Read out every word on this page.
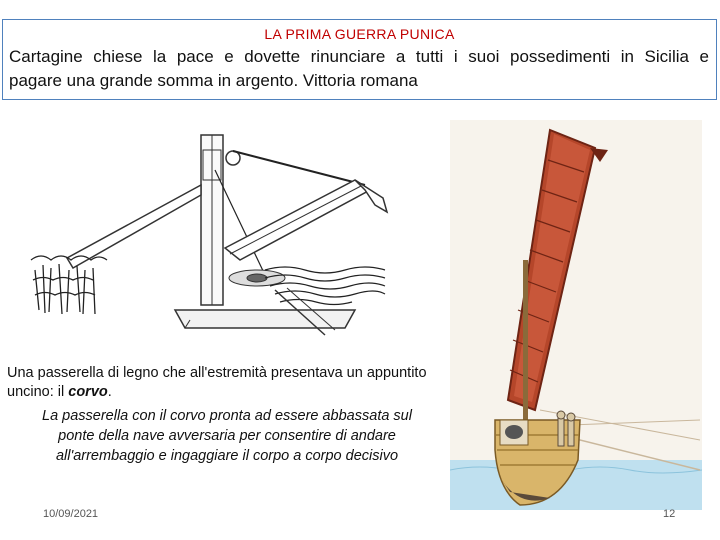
LA PRIMA GUERRA PUNICA
Cartagine chiese la pace e dovette rinunciare a tutti i suoi possedimenti in Sicilia e
pagare una grande somma in argento. Vittoria romana
Una passerella di legno che all'estremità presentava un appuntito uncino: il corvo.
La passerella con il corvo pronta ad essere abbassata sul
ponte della nave avversaria per consentire di andare
all'arrembaggio e ingaggiare il corpo a corpo decisivo
10/09/2021	12
